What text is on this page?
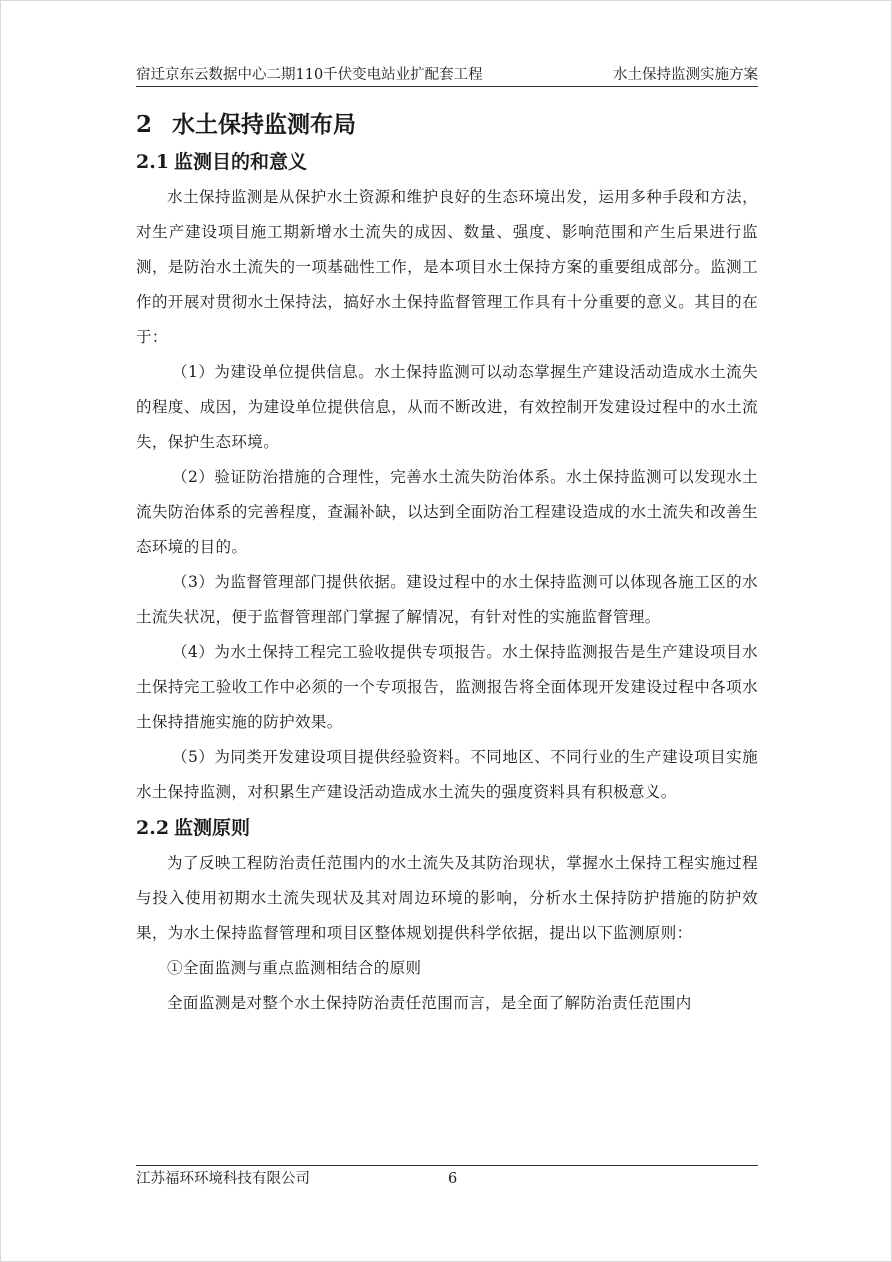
宿迁京东云数据中心二期110千伏变电站业扩配套工程	水土保持监测实施方案
2 水土保持监测布局
2.1 监测目的和意义

水土保持监测是从保护水土资源和维护良好的生态环境出发，运用多种手段和方法，对生产建设项目施工期新增水土流失的成因、数量、强度、影响范围和产生后果进行监测，是防治水土流失的一项基础性工作，是本项目水土保持方案的重要组成部分。监测工作的开展对贯彻水土保持法，搞好水土保持监督管理工作具有十分重要的意义。其目的在于：

（1）为建设单位提供信息。水土保持监测可以动态掌握生产建设活动造成水土流失的程度、成因，为建设单位提供信息，从而不断改进，有效控制开发建设过程中的水土流失，保护生态环境。

（2）验证防治措施的合理性，完善水土流失防治体系。水土保持监测可以发现水土流失防治体系的完善程度，查漏补缺，以达到全面防治工程建设造成的水土流失和改善生态环境的目的。

（3）为监督管理部门提供依据。建设过程中的水土保持监测可以体现各施工区的水土流失状况，便于监督管理部门掌握了解情况，有针对性的实施监督管理。

（4）为水土保持工程完工验收提供专项报告。水土保持监测报告是生产建设项目水土保持完工验收工作中必须的一个专项报告，监测报告将全面体现开发建设过程中各项水土保持措施实施的防护效果。

（5）为同类开发建设项目提供经验资料。不同地区、不同行业的生产建设项目实施水土保持监测，对积累生产建设活动造成水土流失的强度资料具有积极意义。

2.2 监测原则

为了反映工程防治责任范围内的水土流失及其防治现状，掌握水土保持工程实施过程与投入使用初期水土流失现状及其对周边环境的影响，分析水土保持防护措施的防护效果，为水土保持监督管理和项目区整体规划提供科学依据，提出以下监测原则：

①全面监测与重点监测相结合的原则

全面监测是对整个水土保持防治责任范围而言，是全面了解防治责任范围内

江苏福环环境科技有限公司	6
